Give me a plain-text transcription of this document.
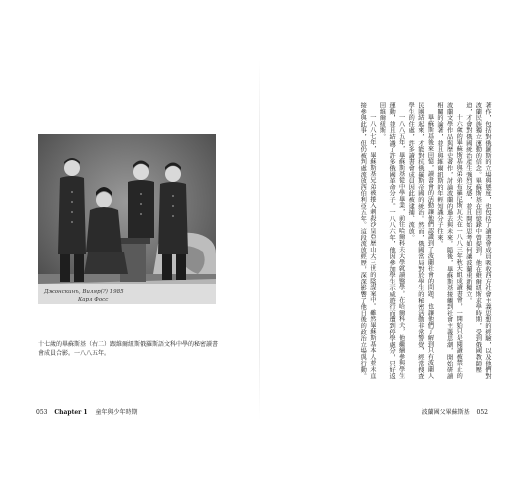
Джонскинъ, Виляр(?) 1985
Карл Фосс
十七歲的畢蘇斯基（右二）跟維爾紐斯俄羅斯語文科中學的秘密讀書會成員合影。一八八五年。
053 Chapter 1 童年與少年時期

著作，包括對俄羅斯的立場與態度，也包括了讀書會成員吸收西方社會主義思想的經驗，以及他們對波蘭民族獨立運動的信念。畢蘇斯基在回憶錄中曾提到，他在維爾紐斯求學時期，受到俄國教師壓迫，才會對俄國統治產生強烈反感，並且開始思考如何讓波蘭重新獨立。

十六歲的畢蘇斯基與弟弟布羅尼斯瓦夫在一八八三年秋天組成讀書會，一開始只是閱讀被禁止的波蘭文學作品與歷史著作，討論波蘭的過去與未來。隨後，畢蘇斯基接觸到社會主義思潮，開始研讀相關的論著，並且與維爾紐斯的年輕知識分子往來。

畢蘇斯基後來回憶，讀書會的活動讓他們認識到了波蘭社會的問題，也讓他們了解到只有波蘭人民團結起來，才能對抗俄羅斯帝國的統治。然而，俄國當局對於學生的秘密活動非常警覺，經常搜查學生的住處，許多讀書會成員因此被逮捕、流放。

一八八五年，畢蘇斯基從中學畢業，前往哈爾科夫大學就讀醫學。在哈爾科夫，他繼續參與學生運動，並且結識了許多俄國革命分子。一八八六年，他因參加學生示威遊行而遭到停學處分，只好返回維爾紐斯。

一八八七年，畢蘇斯基兄弟被捲入刺殺沙皇亞歷山大三世的陰謀案中。雖然畢蘇斯基本人並未直接參與此事，但仍被判處流放西伯利亞五年。這段流放經歷，深深影響了他日後的政治立場與行動。

波蘭國父畢蘇斯基 052
